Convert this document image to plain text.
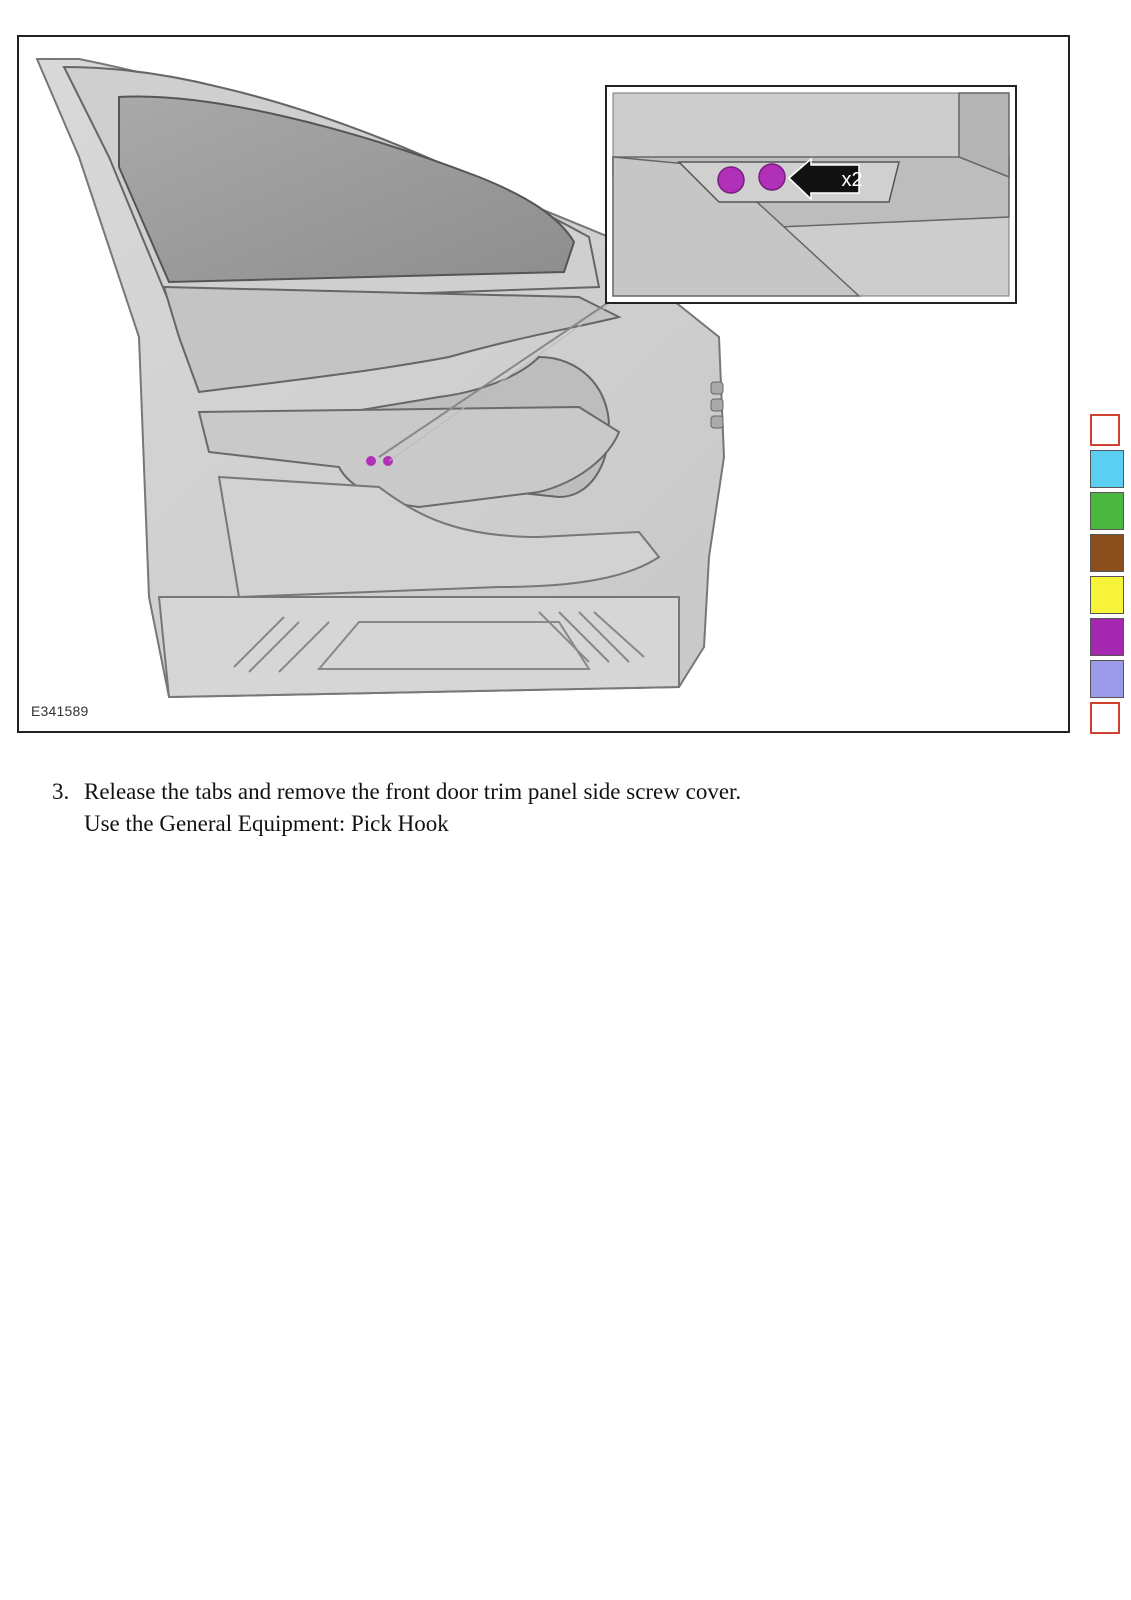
x2
E341589
3. Release the tabs and remove the front door trim panel side screw cover.
Use the General Equipment: Pick Hook
